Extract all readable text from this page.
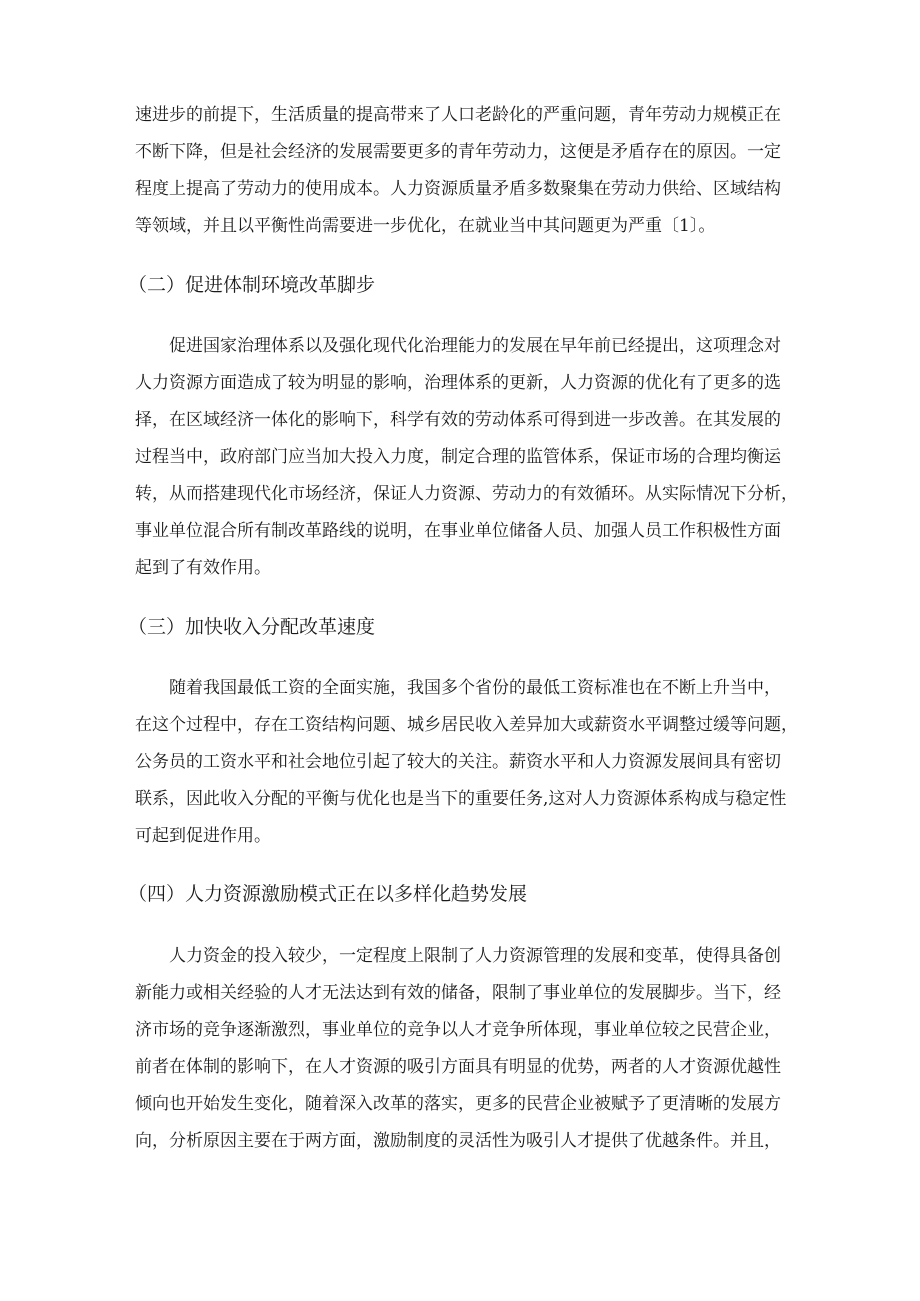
速进步的前提下，生活质量的提高带来了人口老龄化的严重问题，青年劳动力规模正在
不断下降，但是社会经济的发展需要更多的青年劳动力，这便是矛盾存在的原因。一定
程度上提高了劳动力的使用成本。人力资源质量矛盾多数聚集在劳动力供给、区域结构
等领域，并且以平衡性尚需要进一步优化，在就业当中其问题更为严重〔1〕。
（二）促进体制环境改革脚步
促进国家治理体系以及强化现代化治理能力的发展在早年前已经提出，这项理念对
人力资源方面造成了较为明显的影响，治理体系的更新，人力资源的优化有了更多的选
择，在区域经济一体化的影响下，科学有效的劳动体系可得到进一步改善。在其发展的
过程当中，政府部门应当加大投入力度，制定合理的监管体系，保证市场的合理均衡运
转，从而搭建现代化市场经济，保证人力资源、劳动力的有效循环。从实际情况下分析，
事业单位混合所有制改革路线的说明，在事业单位储备人员、加强人员工作积极性方面
起到了有效作用。
（三）加快收入分配改革速度
随着我国最低工资的全面实施，我国多个省份的最低工资标准也在不断上升当中，
在这个过程中，存在工资结构问题、城乡居民收入差异加大或薪资水平调整过缓等问题，
公务员的工资水平和社会地位引起了较大的关注。薪资水平和人力资源发展间具有密切
联系，因此收入分配的平衡与优化也是当下的重要任务,这对人力资源体系构成与稳定性
可起到促进作用。
（四）人力资源激励模式正在以多样化趋势发展
人力资金的投入较少，一定程度上限制了人力资源管理的发展和变革，使得具备创
新能力或相关经验的人才无法达到有效的储备，限制了事业单位的发展脚步。当下，经
济市场的竞争逐渐激烈，事业单位的竞争以人才竞争所体现，事业单位较之民营企业，
前者在体制的影响下，在人才资源的吸引方面具有明显的优势，两者的人才资源优越性
倾向也开始发生变化，随着深入改革的落实，更多的民营企业被赋予了更清晰的发展方
向，分析原因主要在于两方面，激励制度的灵活性为吸引人才提供了优越条件。并且，
